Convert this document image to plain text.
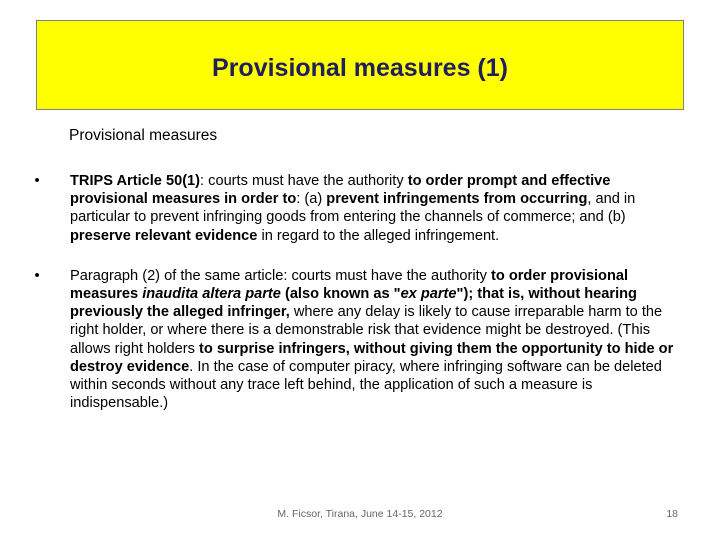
Provisional measures (1)
Provisional measures
•	TRIPS Article 50(1): courts must have the authority to order prompt and effective provisional measures in order to: (a) prevent infringements from occurring, and in particular to prevent infringing goods from entering the channels of commerce; and (b) preserve relevant evidence in regard to the alleged infringement.
•	Paragraph (2) of the same article: courts must have the authority to order provisional measures inaudita altera parte (also known as "ex parte"); that is, without hearing previously the alleged infringer, where any delay is likely to cause irreparable harm to the right holder, or where there is a demonstrable risk that evidence might be destroyed. (This allows right holders to surprise infringers, without giving them the opportunity to hide or destroy evidence. In the case of computer piracy, where infringing software can be deleted within seconds without any trace left behind, the application of such a measure is indispensable.)
M. Ficsor, Tirana, June 14-15, 2012	18
